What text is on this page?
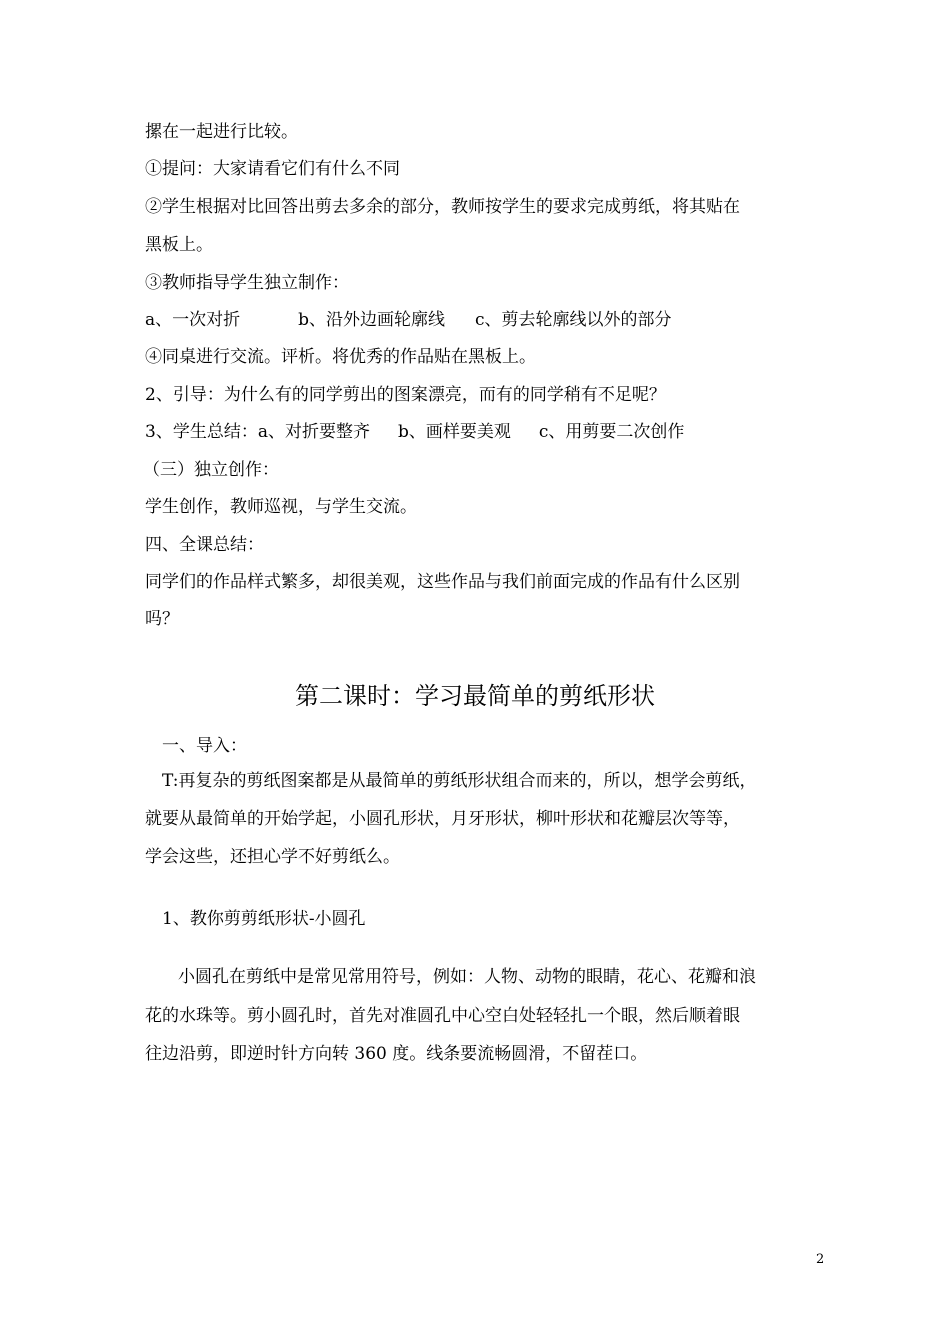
摞在一起进行比较。
①提问：大家请看它们有什么不同
②学生根据对比回答出剪去多余的部分，教师按学生的要求完成剪纸，将其贴在
黑板上。
③教师指导学生独立制作：
a、一次对折	b、沿外边画轮廓线 c、剪去轮廓线以外的部分
④同桌进行交流。评析。将优秀的作品贴在黑板上。
2、引导：为什么有的同学剪出的图案漂亮，而有的同学稍有不足呢？
3、学生总结：a、对折要整齐 b、画样要美观 c、用剪要二次创作
（三）独立创作：
学生创作，教师巡视，与学生交流。
四、全课总结：
同学们的作品样式繁多，却很美观，这些作品与我们前面完成的作品有什么区别
吗？
第二课时：学习最简单的剪纸形状
一、导入：
T:再复杂的剪纸图案都是从最简单的剪纸形状组合而来的，所以，想学会剪纸，
就要从最简单的开始学起，小圆孔形状，月牙形状，柳叶形状和花瓣层次等等，
学会这些，还担心学不好剪纸么。
1、教你剪剪纸形状-小圆孔
小圆孔在剪纸中是常见常用符号，例如：人物、动物的眼睛，花心、花瓣和浪
花的水珠等。剪小圆孔时，首先对准圆孔中心空白处轻轻扎一个眼，然后顺着眼
往边沿剪，即逆时针方向转 360 度。线条要流畅圆滑，不留茬口。
2
